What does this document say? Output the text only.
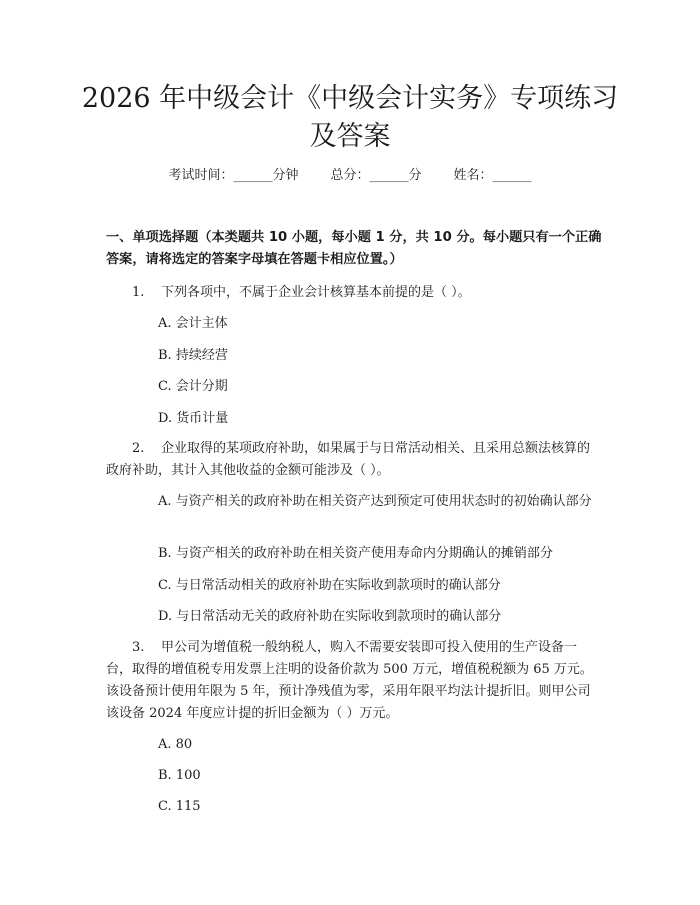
2026 年中级会计《中级会计实务》专项练习及答案
考试时间：______分钟 总分：______分 姓名：______

一、单项选择题（本类题共 10 小题，每小题 1 分，共 10 分。每小题只有一个正确答案，请将选定的答案字母填在答题卡相应位置。）

1. 下列各项中，不属于企业会计核算基本前提的是（ ）。

A. 会计主体

B. 持续经营

C. 会计分期

D. 货币计量

2. 企业取得的某项政府补助，如果属于与日常活动相关、且采用总额法核算的政府补助，其计入其他收益的金额可能涉及（ ）。

A. 与资产相关的政府补助在相关资产达到预定可使用状态时的初始确认部分

B. 与资产相关的政府补助在相关资产使用寿命内分期确认的摊销部分

C. 与日常活动相关的政府补助在实际收到款项时的确认部分

D. 与日常活动无关的政府补助在实际收到款项时的确认部分

3. 甲公司为增值税一般纳税人，购入不需要安装即可投入使用的生产设备一台，取得的增值税专用发票上注明的设备价款为 500 万元，增值税税额为 65 万元。该设备预计使用年限为 5 年，预计净残值为零，采用年限平均法计提折旧。则甲公司该设备 2024 年度应计提的折旧金额为（ ）万元。

A. 80

B. 100

C. 115
